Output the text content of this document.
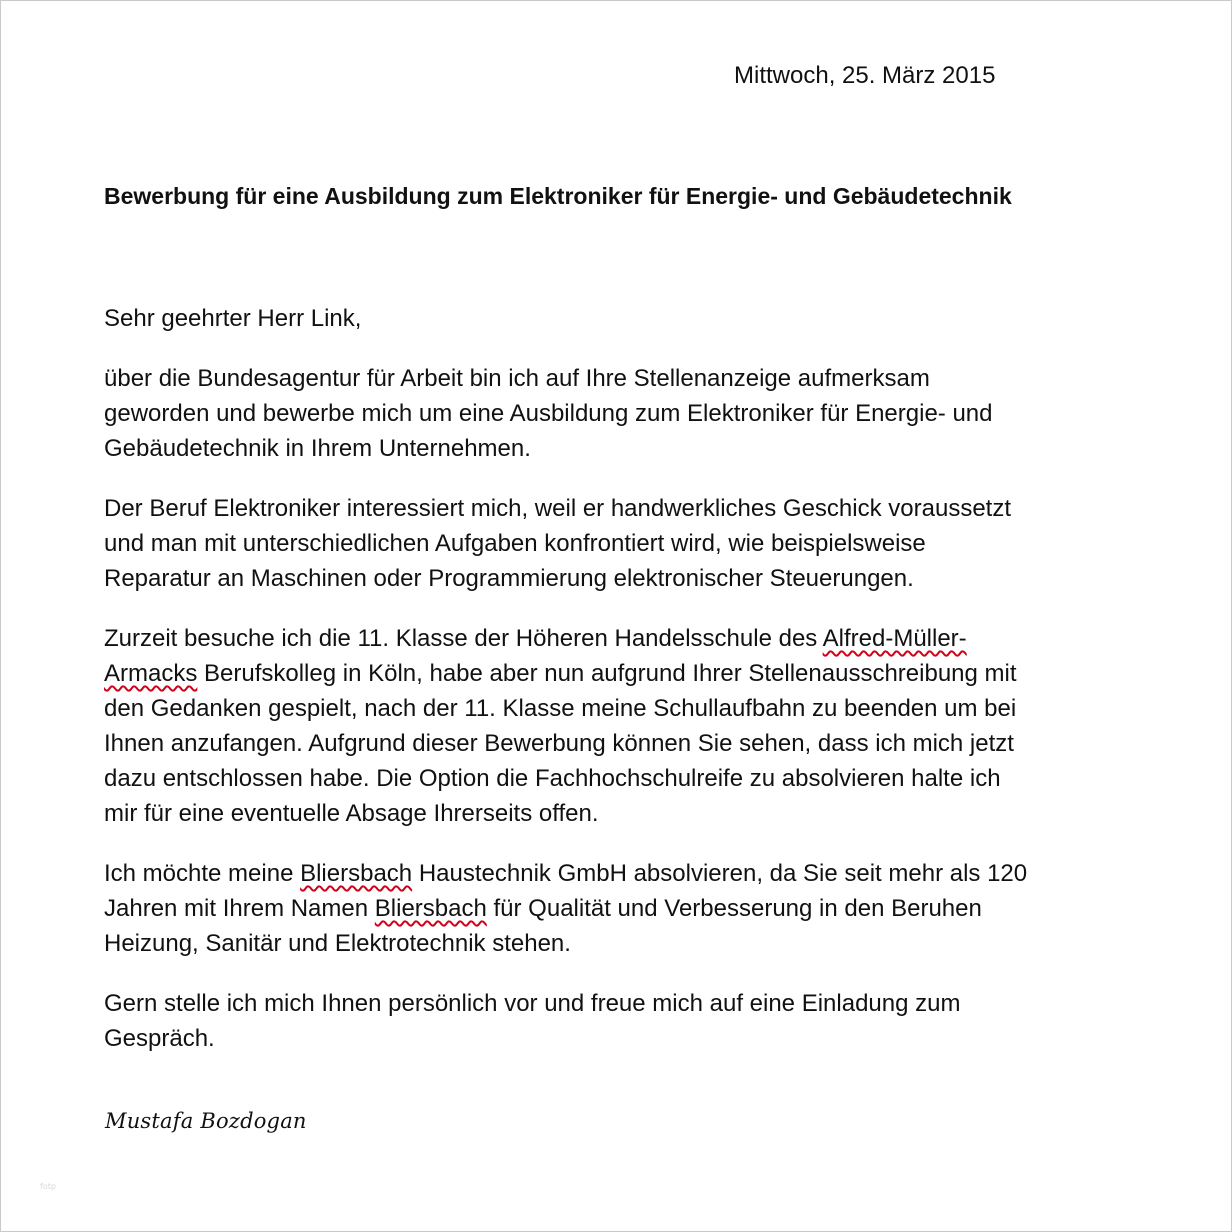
Mittwoch, 25. März 2015
Bewerbung für eine Ausbildung zum Elektroniker für Energie- und Gebäudetechnik

Sehr geehrter Herr Link,

über die Bundesagentur für Arbeit bin ich auf Ihre Stellenanzeige aufmerksam
geworden und bewerbe mich um eine Ausbildung zum Elektroniker für Energie- und
Gebäudetechnik in Ihrem Unternehmen.

Der Beruf Elektroniker interessiert mich, weil er handwerkliches Geschick voraussetzt
und man mit unterschiedlichen Aufgaben konfrontiert wird, wie beispielsweise
Reparatur an Maschinen oder Programmierung elektronischer Steuerungen.

Zurzeit besuche ich die 11. Klasse der Höheren Handelsschule des Alfred-Müller-
Armacks Berufskolleg in Köln, habe aber nun aufgrund Ihrer Stellenausschreibung mit
den Gedanken gespielt, nach der 11. Klasse meine Schullaufbahn zu beenden um bei
Ihnen anzufangen. Aufgrund dieser Bewerbung können Sie sehen, dass ich mich jetzt
dazu entschlossen habe. Die Option die Fachhochschulreife zu absolvieren halte ich
mir für eine eventuelle Absage Ihrerseits offen.

Ich möchte meine Bliersbach Haustechnik GmbH absolvieren, da Sie seit mehr als 120
Jahren mit Ihrem Namen Bliersbach für Qualität und Verbesserung in den Beruhen
Heizung, Sanitär und Elektrotechnik stehen.

Gern stelle ich mich Ihnen persönlich vor und freue mich auf eine Einladung zum
Gespräch.

Mustafa Bozdogan
fotp
